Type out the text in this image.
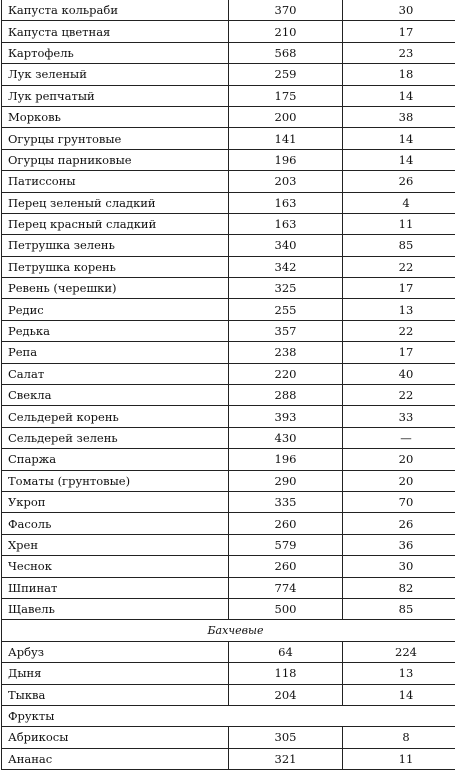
Капуста кольраби	370	30
Капуста цветная	210	17
Картофель	568	23
Лук зеленый	259	18
Лук репчатый	175	14
Морковь	200	38
Огурцы грунтовые	141	14
Огурцы парниковые	196	14
Патиссоны	203	26
Перец зеленый сладкий	163	4
Перец красный сладкий	163	11
Петрушка зелень	340	85
Петрушка корень	342	22
Ревень (черешки)	325	17
Редис	255	13
Редька	357	22
Репа	238	17
Салат	220	40
Свекла	288	22
Сельдерей корень	393	33
Сельдерей зелень	430	—
Спаржа	196	20
Томаты (грунтовые)	290	20
Укроп	335	70
Фасоль	260	26
Хрен	579	36
Чеснок	260	30
Шпинат	774	82
Щавель	500	85
Бахчевые		
Арбуз	64	224
Дыня	118	13
Тыква	204	14
Фрукты		
Абрикосы	305	8
Ананас	321	11
